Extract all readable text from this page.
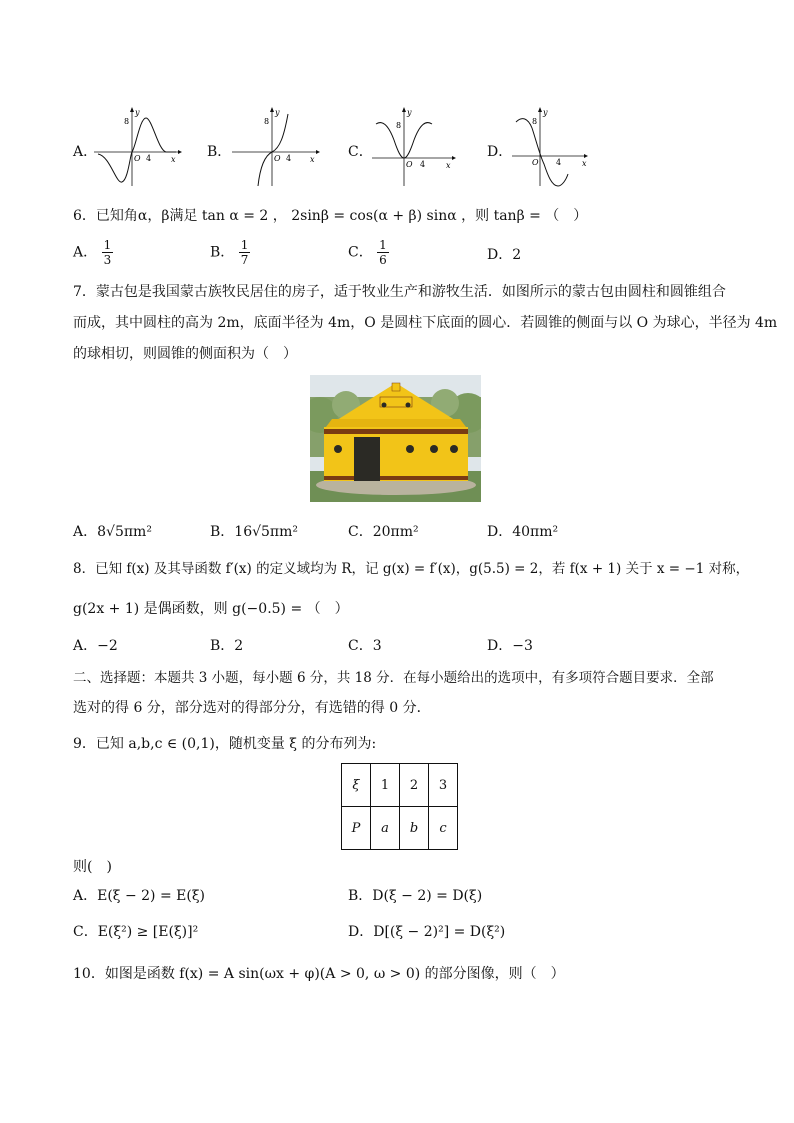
A．
y
x
8
O 4	B．
y
x
8
O 4	C．
y
x
8
O 4
D．
y
x
8
O 4
6．已知角α，β满足 tan α = 2 ， 2sinβ = cos(α + β) sinα ，则 tanβ = （　）
A． $\frac{1}{3}$	B． $\frac{1}{7}$	C． $\frac{1}{6}$	D．2
7．蒙古包是我国蒙古族牧民居住的房子，适于牧业生产和游牧生活．如图所示的蒙古包由圆柱和圆锥组合
而成，其中圆柱的高为 2m，底面半径为 4m，O 是圆柱下底面的圆心．若圆锥的侧面与以 O 为球心，半径为 4m
的球相切，则圆锥的侧面积为（　）
A．8√5πm²	B．16√5πm²	C．20πm²	D．40πm²
8．已知 f(x) 及其导函数 f′(x) 的定义域均为 R，记 g(x) = f′(x)，g(5.5) = 2，若 f(x + 1) 关于 x = −1 对称，
g(2x + 1) 是偶函数，则 g(−0.5) = （　）
A．−2	B．2	C．3	D．−3
二、选择题：本题共 3 小题，每小题 6 分，共 18 分．在每小题给出的选项中，有多项符合题目要求．全部
选对的得 6 分，部分选对的得部分分，有选错的得 0 分．
9．已知 a,b,c ∈ (0,1)，随机变量 ξ 的分布列为:
ξ	1	2	3
P	a	b	c
则(　)
A．E(ξ − 2) = E(ξ)	B．D(ξ − 2) = D(ξ)
C．E(ξ²) ≥ [E(ξ)]²	D．D[(ξ − 2)²] = D(ξ²)
10．如图是函数 f(x) = A sin(ωx + φ)(A > 0, ω > 0) 的部分图像，则（　）
